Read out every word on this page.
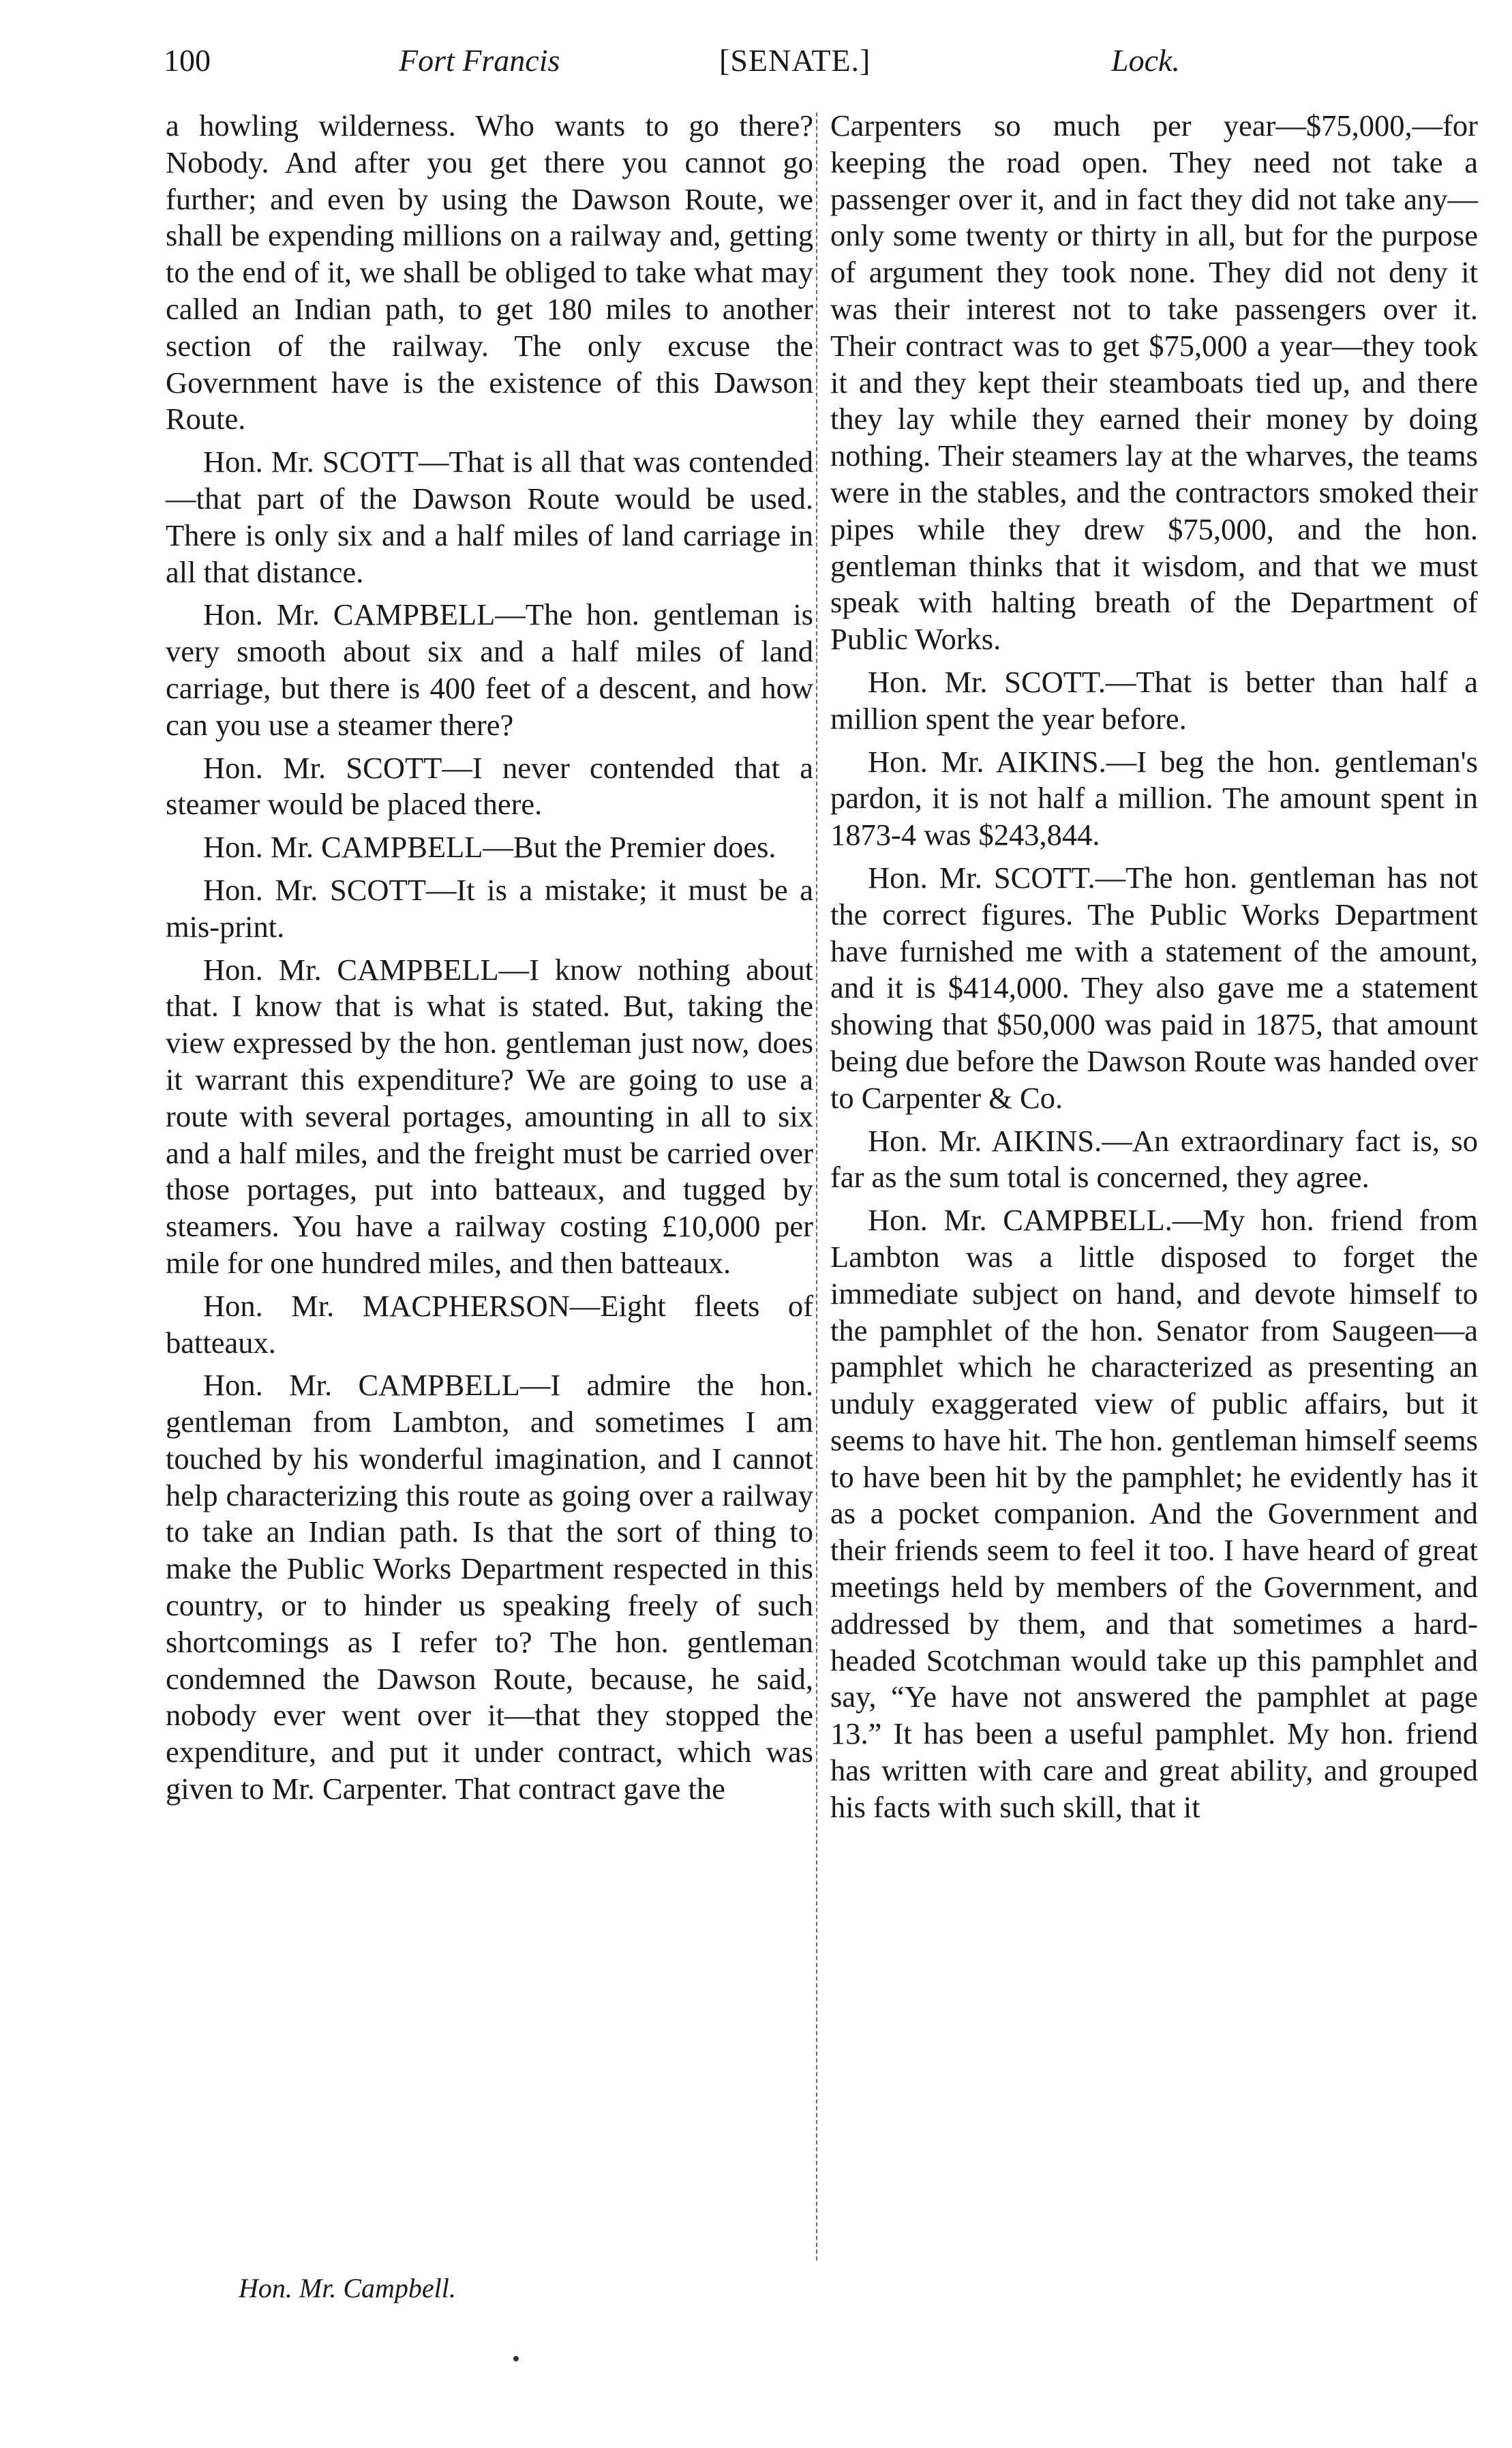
100	Fort Francis	[SENATE.]	Lock.

a howling wilderness. Who wants to go there? Nobody. And after you get there you cannot go further; and even by using the Dawson Route, we shall be expending millions on a railway and, getting to the end of it, we shall be obliged to take what may called an Indian path, to get 180 miles to another section of the railway. The only excuse the Government have is the existence of this Dawson Route.

Hon. Mr. SCOTT—That is all that was contended—that part of the Dawson Route would be used. There is only six and a half miles of land carriage in all that distance.

Hon. Mr. CAMPBELL—The hon. gentleman is very smooth about six and a half miles of land carriage, but there is 400 feet of a descent, and how can you use a steamer there?

Hon. Mr. SCOTT—I never contended that a steamer would be placed there.

Hon. Mr. CAMPBELL—But the Premier does.

Hon. Mr. SCOTT—It is a mistake; it must be a mis-print.

Hon. Mr. CAMPBELL—I know nothing about that. I know that is what is stated. But, taking the view expressed by the hon. gentleman just now, does it warrant this expenditure? We are going to use a route with several portages, amounting in all to six and a half miles, and the freight must be carried over those portages, put into batteaux, and tugged by steamers. You have a railway costing £10,000 per mile for one hundred miles, and then batteaux.

Hon. Mr. MACPHERSON—Eight fleets of batteaux.

Hon. Mr. CAMPBELL—I admire the hon. gentleman from Lambton, and sometimes I am touched by his wonderful imagination, and I cannot help characterizing this route as going over a railway to take an Indian path. Is that the sort of thing to make the Public Works Department respected in this country, or to hinder us speaking freely of such shortcomings as I refer to? The hon. gentleman condemned the Dawson Route, because, he said, nobody ever went over it—that they stopped the expenditure, and put it under contract, which was given to Mr. Carpenter. That contract gave the

Carpenters so much per year—$75,000,—for keeping the road open. They need not take a passenger over it, and in fact they did not take any—only some twenty or thirty in all, but for the purpose of argument they took none. They did not deny it was their interest not to take passengers over it. Their contract was to get $75,000 a year—they took it and they kept their steamboats tied up, and there they lay while they earned their money by doing nothing. Their steamers lay at the wharves, the teams were in the stables, and the contractors smoked their pipes while they drew $75,000, and the hon. gentleman thinks that it wisdom, and that we must speak with halting breath of the Department of Public Works.

Hon. Mr. SCOTT.—That is better than half a million spent the year before.

Hon. Mr. AIKINS.—I beg the hon. gentleman's pardon, it is not half a million. The amount spent in 1873-4 was $243,844.

Hon. Mr. SCOTT.—The hon. gentleman has not the correct figures. The Public Works Department have furnished me with a statement of the amount, and it is $414,000. They also gave me a statement showing that $50,000 was paid in 1875, that amount being due before the Dawson Route was handed over to Carpenter & Co.

Hon. Mr. AIKINS.—An extraordinary fact is, so far as the sum total is concerned, they agree.

Hon. Mr. CAMPBELL.—My hon. friend from Lambton was a little disposed to forget the immediate subject on hand, and devote himself to the pamphlet of the hon. Senator from Saugeen—a pamphlet which he characterized as presenting an unduly exaggerated view of public affairs, but it seems to have hit. The hon. gentleman himself seems to have been hit by the pamphlet; he evidently has it as a pocket companion. And the Government and their friends seem to feel it too. I have heard of great meetings held by members of the Government, and addressed by them, and that sometimes a hard-headed Scotchman would take up this pamphlet and say, “Ye have not answered the pamphlet at page 13.” It has been a useful pamphlet. My hon. friend has written with care and great ability, and grouped his facts with such skill, that it

Hon. Mr. Campbell.
